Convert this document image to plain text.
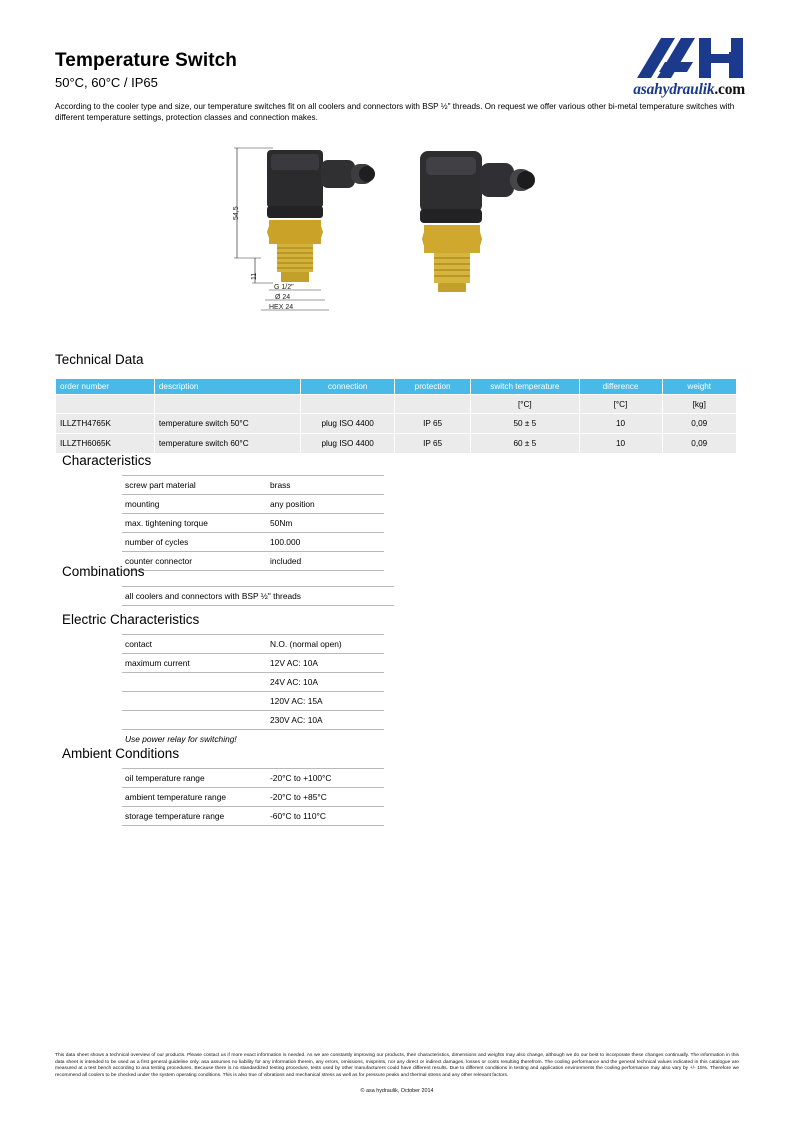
Temperature Switch
50°C, 60°C / IP65
According to the cooler type and size, our temperature switches fit on all coolers and connectors with BSP ½" threads. On request we offer various other bi-metal temperature switches with different temperature settings, protection classes and connection makes.
asahydraulik.com
54,5
11
G 1/2"
Ø 24
HEX 24
Technical Data
order number	description	connection	protection	switch temperature	difference	weight
				[°C]	[°C]	[kg]
ILLZTH4765K	temperature switch 50°C	plug ISO 4400	IP 65	50 ± 5	10	0,09
ILLZTH6065K	temperature switch 60°C	plug ISO 4400	IP 65	60 ± 5	10	0,09
Characteristics
screw part material	brass
mounting	any position
max. tightening torque	50Nm
number of cycles	100.000
counter connector	included
Combinations
all coolers and connectors with BSP ½" threads
Electric Characteristics
contact	N.O. (normal open)
maximum current	12V AC: 10A
	24V AC: 10A
	120V AC: 15A
	230V AC: 10A
Use power relay for switching!	
Ambient Conditions
oil temperature range	-20°C to +100°C
ambient temperature range	-20°C to +85°C
storage temperature range	-60°C to 110°C
This data sheet shows a technical overview of our products. Please contact us if more exact information is needed. As we are constantly improving our products, their characteristics, dimensions and weights may also change, although we do our best to incorporate these changes continually. The information in this data sheet is intended to be used as a first general guideline only. asa assumes no liability for any information therein, any errors, omissions, misprints, nor any direct or indirect damages, losses or costs resulting therefrom. The cooling performance and the general technical values indicated in this catalogue are measured at a test bench according to asa testing procedures. Because there is no standardized testing procedure, tests used by other manufacturers could have different results. Due to different conditions in testing and application environments the cooling performance may also vary by +/- 15%. Therefore we recommend all coolers to be checked under the system operating conditions. This is also true of vibrations and mechanical stress as well as for pressure peaks and thermal stress and any other relevant factors.
© asa hydraulik, October 2014
